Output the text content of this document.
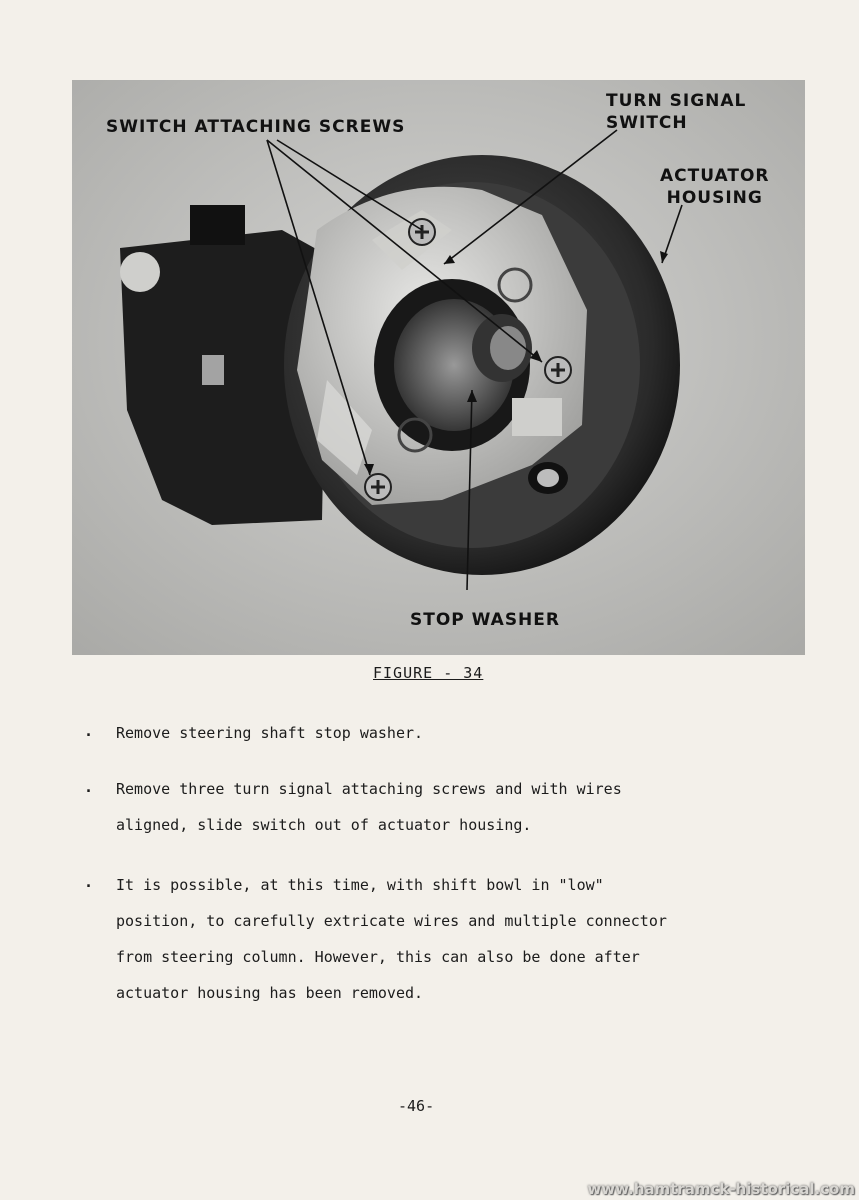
SWITCH ATTACHING SCREWS
TURN SIGNAL
SWITCH
ACTUATOR
HOUSING
STOP WASHER
FIGURE - 34
. Remove steering shaft stop washer.
. Remove three turn signal attaching screws and with wires
aligned, slide switch out of actuator housing.
. It is possible, at this time, with shift bowl in "low"
position, to carefully extricate wires and multiple connector
from steering column. However, this can also be done after
actuator housing has been removed.
-46-
www.hamtramck-historical.com
